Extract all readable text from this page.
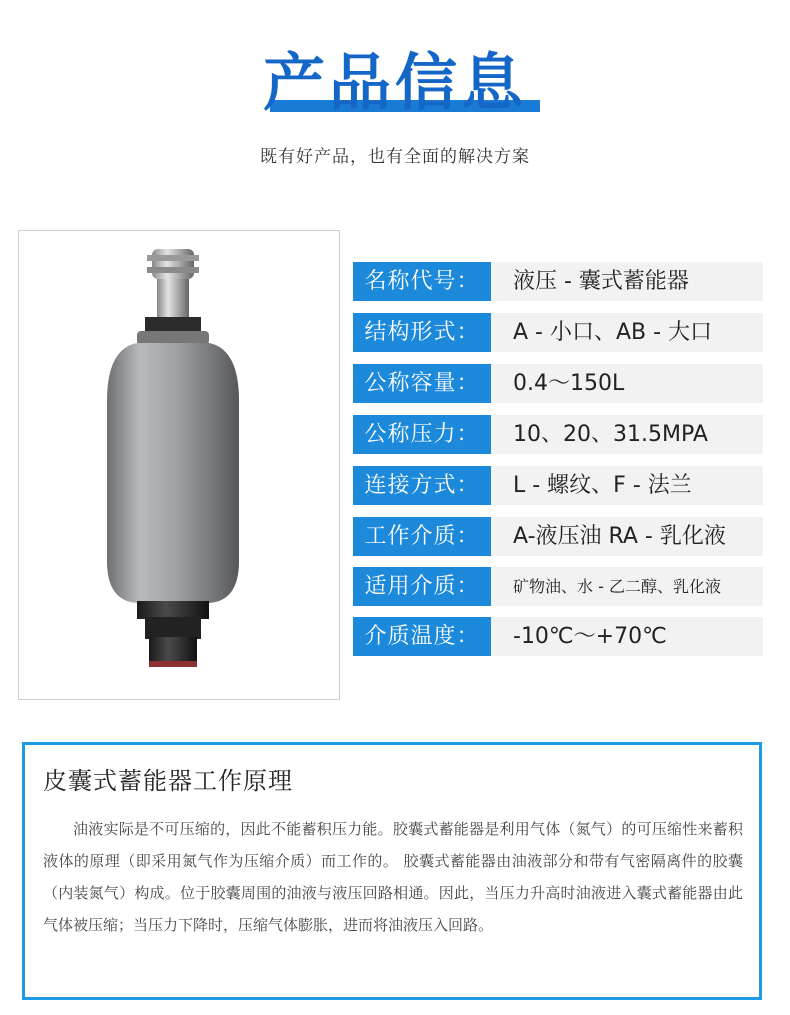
产品信息
既有好产品，也有全面的解决方案
名称代号：	液压 - 囊式蓄能器
结构形式：	A - 小口、AB - 大口
公称容量：	0.4～150L
公称压力：	10、20、31.5MPA
连接方式：	L - 螺纹、F - 法兰
工作介质：	A-液压油 RA - 乳化液
适用介质：	矿物油、水 - 乙二醇、乳化液
介质温度：	-10℃～+70℃
皮囊式蓄能器工作原理
油液实际是不可压缩的，因此不能蓄积压力能。胶囊式蓄能器是利用气体（氮气）的可压缩性来蓄积液体的原理（即采用氮气作为压缩介质）而工作的。 胶囊式蓄能器由油液部分和带有气密隔离件的胶囊（内装氮气）构成。位于胶囊周围的油液与液压回路相通。因此，当压力升高时油液进入囊式蓄能器由此气体被压缩；当压力下降时，压缩气体膨胀，进而将油液压入回路。
